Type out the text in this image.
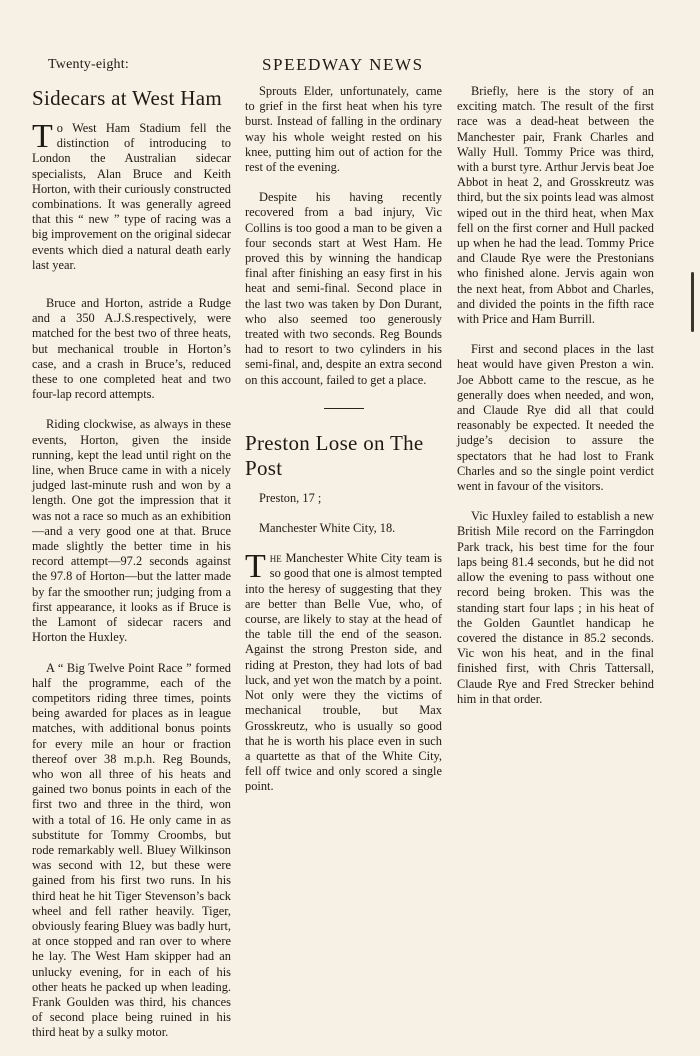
Twenty-eight:	SPEEDWAY NEWS
Sidecars at West Ham

To West Ham Stadium fell the distinction of introducing to London the Australian sidecar specialists, Alan Bruce and Keith Horton, with their curiously constructed combinations. It was generally agreed that this “ new ” type of racing was a big improvement on the original sidecar events which died a natural death early last year.

Bruce and Horton, astride a Rudge and a 350 A.J.S.respectively, were matched for the best two of three heats, but mechanical trouble in Horton’s case, and a crash in Bruce’s, reduced these to one completed heat and two four-lap record attempts.

Riding clockwise, as always in these events, Horton, given the inside running, kept the lead until right on the line, when Bruce came in with a nicely judged last-minute rush and won by a length. One got the impression that it was not a race so much as an exhibition—and a very good one at that. Bruce made slightly the better time in his record attempt—97.2 seconds against the 97.8 of Horton—but the latter made by far the smoother run; judging from a first appearance, it looks as if Bruce is the Lamont of sidecar racers and Horton the Huxley.

A “ Big Twelve Point Race ” formed half the programme, each of the competitors riding three times, points being awarded for places as in league matches, with additional bonus points for every mile an hour or fraction thereof over 38 m.p.h. Reg Bounds, who won all three of his heats and gained two bonus points in each of the first two and three in the third, won with a total of 16. He only came in as substitute for Tommy Croombs, but rode remarkably well. Bluey Wilkinson was second with 12, but these were gained from his first two runs. In his third heat he hit Tiger Stevenson’s back wheel and fell rather heavily. Tiger, obviously fearing Bluey was badly hurt, at once stopped and ran over to where he lay. The West Ham skipper had an unlucky evening, for in each of his other heats he packed up when leading. Frank Goulden was third, his chances of second place being ruined in his third heat by a sulky motor.

Sprouts Elder, unfortunately, came to grief in the first heat when his tyre burst. Instead of falling in the ordinary way his whole weight rested on his knee, putting him out of action for the rest of the evening.

Despite his having recently recovered from a bad injury, Vic Collins is too good a man to be given a four seconds start at West Ham. He proved this by winning the handicap final after finishing an easy first in his heat and semi-final. Second place in the last two was taken by Don Durant, who also seemed too generously treated with two seconds. Reg Bounds had to resort to two cylinders in his semi-final, and, despite an extra second on this account, failed to get a place.

Preston Lose on The Post

Preston, 17 ;

Manchester White City, 18.

The Manchester White City team is so good that one is almost tempted into the heresy of suggesting that they are better than Belle Vue, who, of course, are likely to stay at the head of the table till the end of the season. Against the strong Preston side, and riding at Preston, they had lots of bad luck, and yet won the match by a point. Not only were they the victims of mechanical trouble, but Max Grosskreutz, who is usually so good that he is worth his place even in such a quartette as that of the White City, fell off twice and only scored a single point.

Briefly, here is the story of an exciting match. The result of the first race was a dead-heat between the Manchester pair, Frank Charles and Wally Hull. Tommy Price was third, with a burst tyre. Arthur Jervis beat Joe Abbot in heat 2, and Grosskreutz was third, but the six points lead was almost wiped out in the third heat, when Max fell on the first corner and Hull packed up when he had the lead. Tommy Price and Claude Rye were the Prestonians who finished alone. Jervis again won the next heat, from Abbot and Charles, and divided the points in the fifth race with Price and Ham Burrill.

First and second places in the last heat would have given Preston a win. Joe Abbott came to the rescue, as he generally does when needed, and won, and Claude Rye did all that could reasonably be expected. It needed the judge’s decision to assure the spectators that he had lost to Frank Charles and so the single point verdict went in favour of the visitors.

Vic Huxley failed to establish a new British Mile record on the Farringdon Park track, his best time for the four laps being 81.4 seconds, but he did not allow the evening to pass without one record being broken. This was the standing start four laps ; in his heat of the Golden Gauntlet handicap he covered the distance in 85.2 seconds. Vic won his heat, and in the final finished first, with Chris Tattersall, Claude Rye and Fred Strecker behind him in that order.
